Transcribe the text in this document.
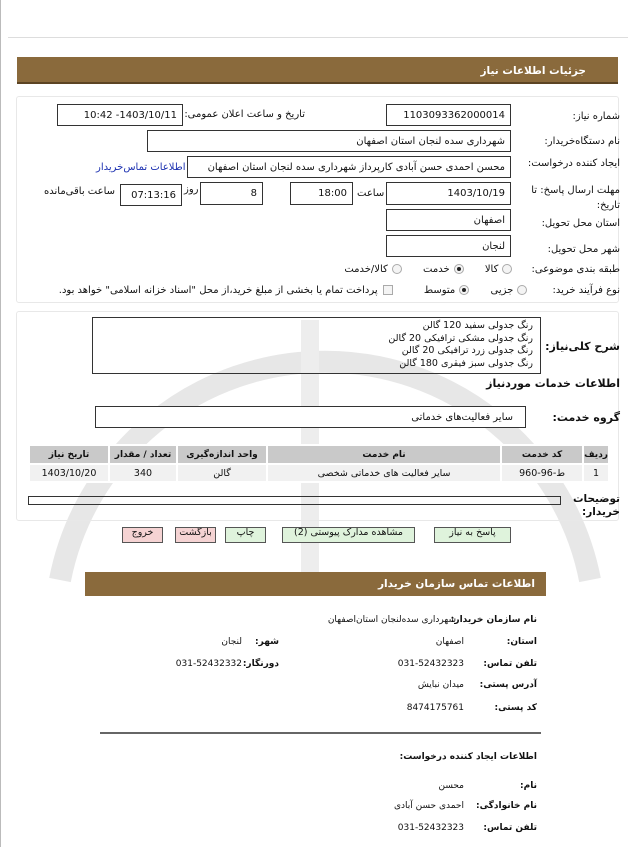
جزئیات اطلاعات نیاز
شماره نیاز:
1103093362000014
تاریخ و ساعت اعلان عمومی:
1403/10/11- 10:42
نام دستگاه‌خریدار:
شهرداری سده لنجان استان اصفهان
ایجاد کننده درخواست:
محسن احمدی حسن آبادی کارپرداز شهرداری سده لنجان استان اصفهان
اطلاعات تماس‌خریدار
مهلت ارسال پاسخ: تا تاریخ:
1403/10/19
ساعت
18:00
8
روز
07:13:16
ساعت باقی‌مانده
استان محل تحویل:
اصفهان
شهر محل تحویل:
لنجان
طبقه بندی موضوعی: کالا خدمت کالا/خدمت
نوع فرآیند خرید: جزیی متوسط پرداخت تمام یا بخشی از مبلغ خرید،از محل "اسناد خزانه اسلامی" خواهد بود.
شرح کلی‌نیاز:
رنگ جدولی سفید 120 گالن
رنگ جدولی مشکی ترافیکی 20 گالن
رنگ جدولی زرد ترافیکی 20 گالن
رنگ جدولی سبز فیقری 180 گالن
اطلاعات خدمات موردنیاز
گروه خدمت:
سایر فعالیت‌های خدماتی
ردیف	کد خدمت	نام خدمت	واحد اندازه‌گیری	تعداد / مقدار	تاریخ نیاز
1	ط-96-960	سایر فعالیت های خدماتی شخصی	گالن	340	1403/10/20
توضیحات خریدار:
پاسخ به نیاز
مشاهده مدارک پیوستی (2)
چاپ
بازگشت
خروج
اطلاعات تماس سازمان خریدار
نام سازمان خریدار:
شهرداری سده‌لنجان استان‌اصفهان
استان:
اصفهان
شهر:
لنجان
تلفن تماس:
031-52432323
دورنگار:
031-52432332
آدرس پستی:
میدان نبایش
کد پستی:
8474175761
اطلاعات ایجاد کننده درخواست:
نام:
محسن
نام خانوادگی:
احمدی حسن آبادی
تلفن تماس:
031-52432323
